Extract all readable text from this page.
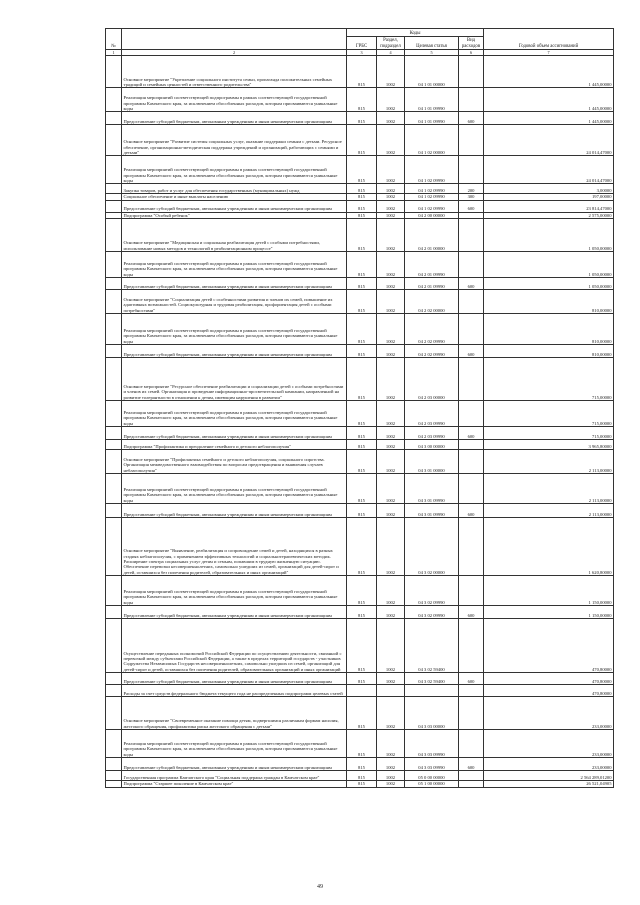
№		Коды				Годовой объем ассигнований
		ГРБС	Раздел, подраздел	Целевая статья	Вид расходов	
1	2	3	4	5	6	7
	Основное мероприятие "Укрепление социального института семьи, пропаганда положительных семейных традиций и семейных ценностей и ответственного родительства"	815	1002	04 1 01 00000		1 445,00000
	Реализация мероприятий соответствующей подпрограммы в рамках соответствующей государственной программы Камчатского края, за исключением обособленных расходов, которым присваиваются уникальные коды	815	1002	04 1 01 09990		1 445,00000
	Предоставление субсидий бюджетным, автономным учреждениям и иным некоммерческим организациям	815	1002	04 1 01 09990	600	1 445,00000
	Основное мероприятие "Развитие системы социальных услуг, оказание поддержки семьям с детьми. Ресурсное обеспечение, организационно-методическая поддержка учреждений и организаций, работающих с семьями и детьми"	815	1002	04 1 02 00000		24 014,47000
	Реализация мероприятий соответствующей подпрограммы в рамках соответствующей государственной программы Камчатского края, за исключением обособленных расходов, которым присваиваются уникальные коды	815	1002	04 1 02 09990		24 014,47000
	Закупка товаров, работ и услуг для обеспечения государственных (муниципальных) нужд	815	1002	04 1 02 09990	200	3,00000
	Социальное обеспечение и иные выплаты населению	815	1002	04 1 02 09990	300	197,00000
	Предоставление субсидий бюджетным, автономным учреждениям и иным некоммерческим организациям	815	1002	04 1 02 09990	600	23 814,47000
	Подпрограмма "Особый ребенок"	815	1002	04 2 00 00000		2 575,00000
	Основное мероприятие "Медицинская и социальная реабилитация детей с особыми потребностями, использование новых методов и технологий в реабилитационном процессе"	815	1002	04 2 01 00000		1 050,00000
	Реализация мероприятий соответствующей подпрограммы в рамках соответствующей государственной программы Камчатского края, за исключением обособленных расходов, которым присваиваются уникальные коды	815	1002	04 2 01 09990		1 050,00000
	Предоставление субсидий бюджетным, автономным учреждениям и иным некоммерческим организациям	815	1002	04 2 01 09990	600	1 050,00000
	Основное мероприятие "Социализация детей с особенностями развития и членов их семей, повышение их адаптивных возможностей. Социокультурная и трудовая реабилитация, профориентация детей с особыми потребностями"	815	1002	04 2 02 00000		810,00000
	Реализация мероприятий соответствующей подпрограммы в рамках соответствующей государственной программы Камчатского края, за исключением обособленных расходов, которым присваиваются уникальные коды	815	1002	04 2 02 09990		810,00000
	Предоставление субсидий бюджетным, автономным учреждениям и иным некоммерческим организациям	815	1002	04 2 02 09990	600	810,00000
	Основное мероприятие "Ресурсное обеспечение реабилитации и социализации детей с особыми потребностями и членов их семей. Организация и проведение информационно-просветительской кампании, направленной на развитие толерантности в отношении к детям, имеющим нарушения в развитии"	815	1002	04 2 03 00000		715,00000
	Реализация мероприятий соответствующей подпрограммы в рамках соответствующей государственной программы Камчатского края, за исключением обособленных расходов, которым присваиваются уникальные коды	815	1002	04 2 03 09990		715,00000
	Предоставление субсидий бюджетным, автономным учреждениям и иным некоммерческим организациям	815	1002	04 2 03 09990	600	715,00000
	Подпрограмма "Профилактика и преодоление семейного и детского неблагополучия"	815	1002	04 3 00 00000		3 965,80000
	Основное мероприятие "Профилактика семейного и детского неблагополучия, социального сиротства. Организация межведомственного взаимодействия по вопросам предотвращения и выявления случаев неблагополучия"	815	1002	04 3 01 00000		2 113,00000
	Реализация мероприятий соответствующей подпрограммы в рамках соответствующей государственной программы Камчатского края, за исключением обособленных расходов, которым присваиваются уникальные коды	815	1002	04 3 01 09990		2 113,00000
	Предоставление субсидий бюджетным, автономным учреждениям и иным некоммерческим организациям	815	1002	04 3 01 09990	600	2 113,00000
	Основное мероприятие "Выявление, реабилитация и сопровождение семей и детей, находящихся в разных стадиях неблагополучия, с применением эффективных технологий и социальнотерапевтических методик. Расширение спектра социальных услуг детям и семьям, попавшим в трудную жизненную ситуацию. Обеспечение перевозки несовершеннолетних, самовольно ушедших из семей, организаций для детей-сирот и детей, оставшихся без попечения родителей, образовательных и иных организаций"	815	1002	04 3 02 00000		1 620,80000
	Реализация мероприятий соответствующей подпрограммы в рамках соответствующей государственной программы Камчатского края, за исключением обособленных расходов, которым присваиваются уникальные коды	815	1002	04 3 02 09990		1 150,00000
	Предоставление субсидий бюджетным, автономным учреждениям и иным некоммерческим организациям	815	1002	04 3 02 09990	600	1 150,00000
	Осуществление переданных полномочий Российской Федерации по осуществлению деятельности, связанной с перевозкой между субъектами Российской Федерации, а также в пределах территорий государств - участников Содружества Независимых Государств несовершеннолетних, самовольно ушедших из семей, организаций для детей-сирот и детей, оставшихся без попечения родителей, образовательных организаций и иных организаций	815	1002	04 3 02 59400		470,80000
	Предоставление субсидий бюджетным, автономным учреждениям и иным некоммерческим организациям	815	1002	04 3 02 59400	600	470,80000
	Расходы за счет средств федерального бюджета текущего года не распределенных подпрограмм целевых статей					470,80000
	Основное мероприятие "Своевременное оказание помощи детям, подвергшимся различным формам насилия, жестокого обращения, профилактика риска жестокого обращения с детьми"	815	1002	04 3 03 00000		233,00000
	Реализация мероприятий соответствующей подпрограммы в рамках соответствующей государственной программы Камчатского края, за исключением обособленных расходов, которым присваиваются уникальные коды	815	1002	04 3 03 09990		233,00000
	Предоставление субсидий бюджетным, автономным учреждениям и иным некоммерческим организациям	815	1002	04 3 03 09990	600	233,00000
	Государственная программа Камчатского края "Социальная поддержка граждан в Камчатском крае"	815	1002	05 0 00 00000		2 564 289,01200
	Подпрограмма "Старшее поколение в Камчатском крае"	815	1002	05 1 00 00000		26 521,04905
49
